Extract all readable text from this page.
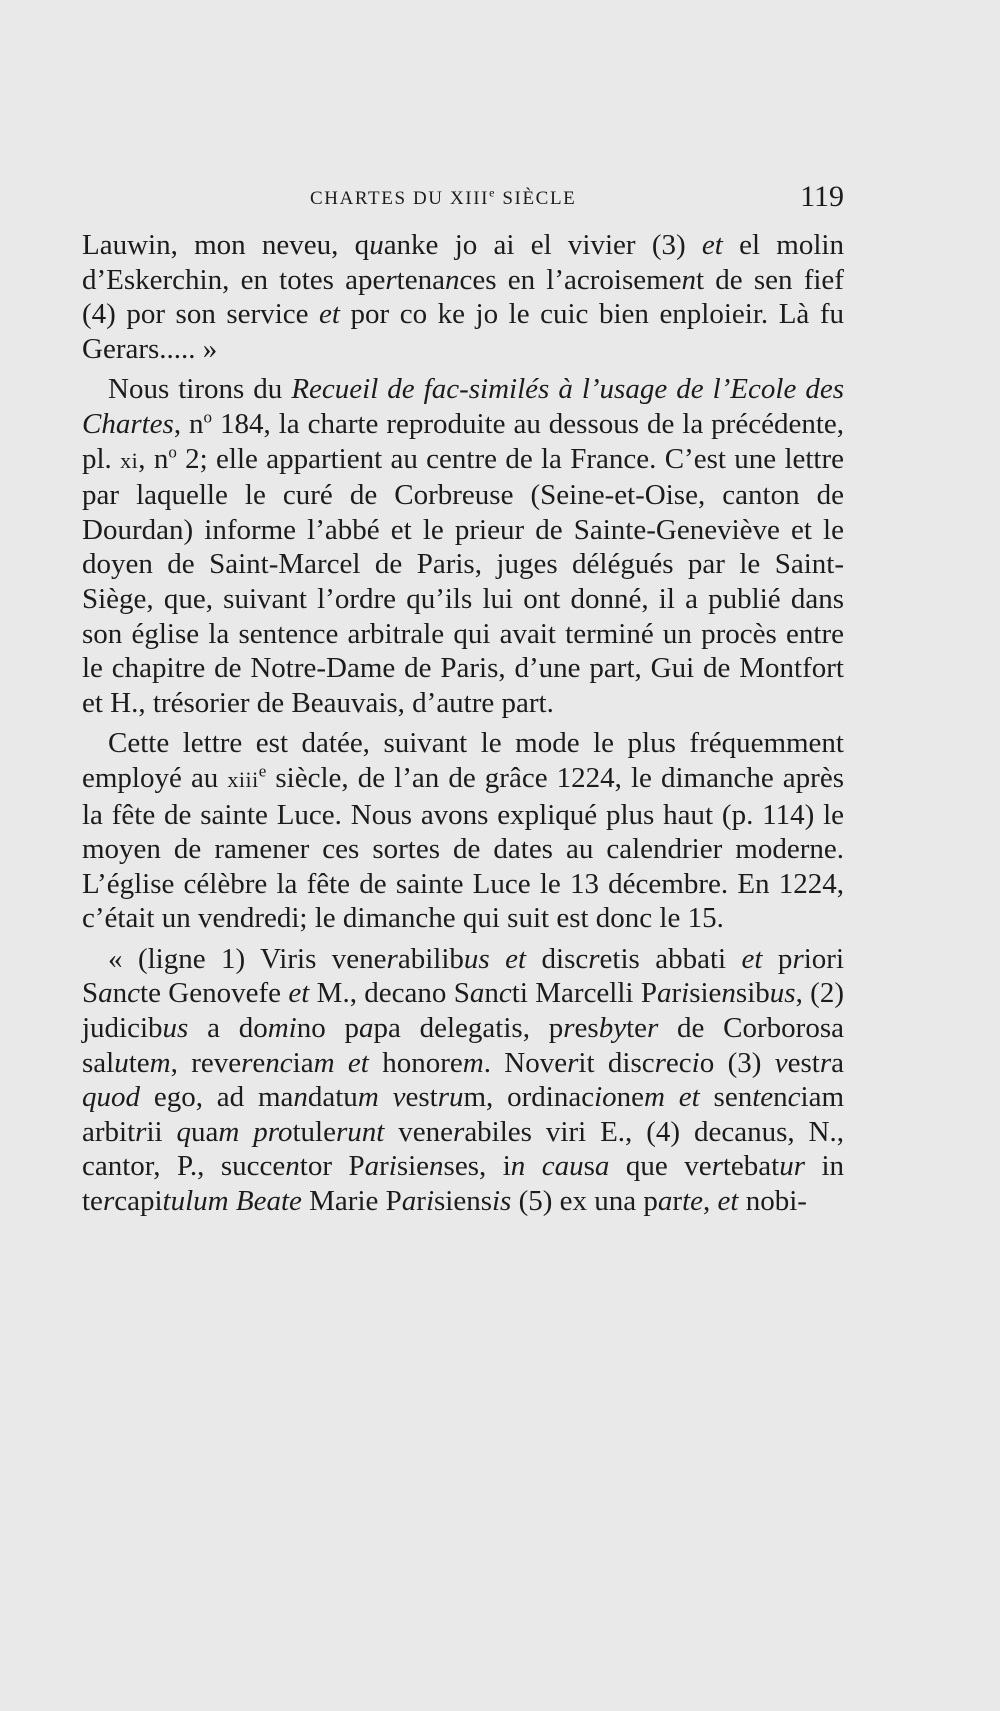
CHARTES DU XIIIe SIÈCLE	119

Lauwin, mon neveu, quanke jo ai el vivier (3) et el molin d’Eskerchin, en totes apertenances en l’acroisement de sen fief (4) por son service et por co ke jo le cuic bien enploieir. Là fu Gerars..... »

Nous tirons du Recueil de fac-similés à l’usage de l’Ecole des Chartes, $n^o$ 184, la charte reproduite au dessous de la précédente, pl. xi, $n^o$ 2; elle appartient au centre de la France. C’est une lettre par laquelle le curé de Corbreuse (Seine-et-Oise, canton de Dourdan) informe l’abbé et le prieur de Sainte-Geneviève et le doyen de Saint-Marcel de Paris, juges délégués par le Saint-Siège, que, suivant l’ordre qu’ils lui ont donné, il a publié dans son église la sentence arbitrale qui avait terminé un procès entre le chapitre de Notre-Dame de Paris, d’une part, Gui de Montfort et H., trésorier de Beauvais, d’autre part.

Cette lettre est datée, suivant le mode le plus fréquemment employé au xiii$^e$ siècle, de l’an de grâce 1224, le dimanche après la fête de sainte Luce. Nous avons expliqué plus haut (p. 114) le moyen de ramener ces sortes de dates au calendrier moderne. L’église célèbre la fête de sainte Luce le 13 décembre. En 1224, c’était un vendredi; le dimanche qui suit est donc le 15.

« (ligne 1) Viris venerabilibus et discretis abbati et priori Sancte Genovefe et M., decano Sancti Marcelli Parisiensibus, (2) judicibus a domino papa delegatis, presbyter de Corborosa salutem, reverenciam et honorem. Noverit discrecio (3) vestra quod ego, ad mandatum vestrum, ordinacionem et sentenciam arbitrii quam protulerunt venerabiles viri E., (4) decanus, N., cantor, P., succentor Parisienses, in causa que vertebatur in tercapitulum Beate Marie Parisiensis (5) ex una parte, et nobi-
